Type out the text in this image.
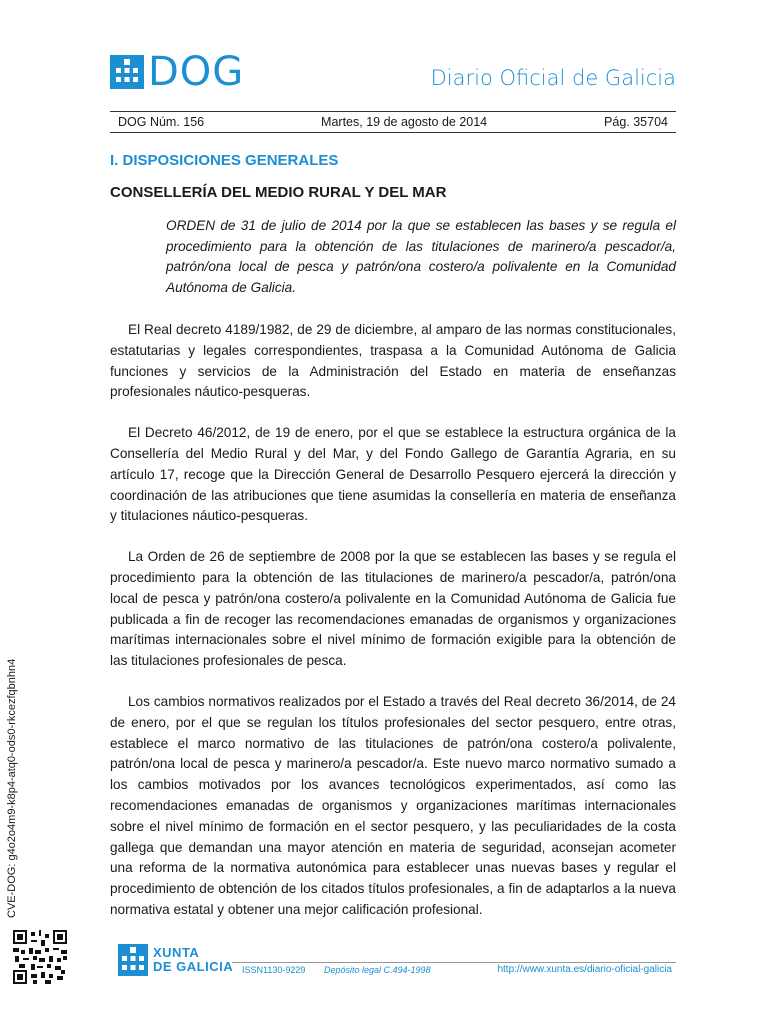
DOG	Diario Oficial de Galicia
DOG Núm. 156	Martes, 19 de agosto de 2014	Pág. 35704
I. DISPOSICIONES GENERALES
CONSELLERÍA DEL MEDIO RURAL Y DEL MAR
ORDEN de 31 de julio de 2014 por la que se establecen las bases y se regula el procedimiento para la obtención de las titulaciones de marinero/a pescador/a, patrón/ona local de pesca y patrón/ona costero/a polivalente en la Comunidad Autónoma de Galicia.

El Real decreto 4189/1982, de 29 de diciembre, al amparo de las normas constitucionales, estatutarias y legales correspondientes, traspasa a la Comunidad Autónoma de Galicia funciones y servicios de la Administración del Estado en materia de enseñanzas profesionales náutico-pesqueras.

El Decreto 46/2012, de 19 de enero, por el que se establece la estructura orgánica de la Consellería del Medio Rural y del Mar, y del Fondo Gallego de Garantía Agraria, en su artículo 17, recoge que la Dirección General de Desarrollo Pesquero ejercerá la dirección y coordinación de las atribuciones que tiene asumidas la consellería en materia de enseñanza y titulaciones náutico-pesqueras.

La Orden de 26 de septiembre de 2008 por la que se establecen las bases y se regula el procedimiento para la obtención de las titulaciones de marinero/a pescador/a, patrón/ona local de pesca y patrón/ona costero/a polivalente en la Comunidad Autónoma de Galicia fue publicada a fin de recoger las recomendaciones emanadas de organismos y organizaciones marítimas internacionales sobre el nivel mínimo de formación exigible para la obtención de las titulaciones profesionales de pesca.

Los cambios normativos realizados por el Estado a través del Real decreto 36/2014, de 24 de enero, por el que se regulan los títulos profesionales del sector pesquero, entre otras, establece el marco normativo de las titulaciones de patrón/ona costero/a polivalente, patrón/ona local de pesca y marinero/a pescador/a. Este nuevo marco normativo sumado a los cambios motivados por los avances tecnológicos experimentados, así como las recomendaciones emanadas de organismos y organizaciones marítimas internacionales sobre el nivel mínimo de formación en el sector pesquero, y las peculiaridades de la costa gallega que demandan una mayor atención en materia de seguridad, aconsejan acometer una reforma de la normativa autonómica para establecer unas nuevas bases y regular el procedimiento de obtención de los citados títulos profesionales, a fin de adaptarlos a la nueva normativa estatal y obtener una mejor calificación profesional.

CVE-DOG: g4o2o4m9-k8p4-atq0-ods0-rkcezfqbnhn4
XUNTA
DE GALICIA ISSN1130-9229 Depósito legal C.494-1998	http://www.xunta.es/diario-oficial-galicia
